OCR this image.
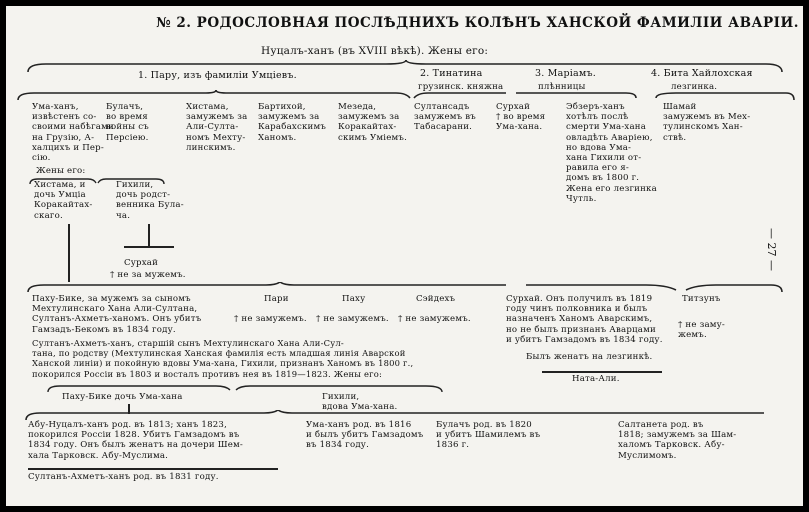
№ 2. РОДОСЛОВНАЯ ПОСЛѢДНИХЪ КОЛѢНЪ ХАНСКОЙ ФАМИЛІИ АВАРІИ.
Нуцалъ-ханъ (въ XVIII вѣкѣ). Жены его:
— 27 —
1. Пару, изъ фамиліи Умціевъ.	2. Тинатина
грузинск. княжна
3. Маріамъ.
плѣнницы
4. Бита Хайлохская
лезгинка.
Ума-ханъ,
извѣстенъ со-
своими набѣгами
на Грузію, А-
халцихъ и Пер-
сію.
Жены его:
Булачъ,
во время
войны съ
Персіею.
Хистама,
замужемъ за
Али-Султа-
номъ Мехту-
линскимъ.
Бартихой,
замужемъ за
Карабахскимъ
Ханомъ.
Мезеда,
замужемъ за
Коракайтах-
скимъ Уміемъ.
Султансадъ
замужемъ въ
Табасарани.
Сурхай
† во время
Ума-хана.
Эбзеръ-ханъ
хотѣлъ послѣ
смерти Ума-хана
овладѣть Аваріею,
но вдова Ума-
хана Гихили от-
равила его я-
домъ въ 1800 г.
Жена его лезгинка
Чутль.
Шамай
замужемъ въ Мех-
тулинскомъ Хан-
ствѣ.
Хистама, и
дочь Умціа
Коракайтах-
скаго.
Гихили,
дочь родст-
венника Була-
ча.
Сурхай
† не за мужемъ.
Паху-Бике, за мужемъ за сыномъ
Мехтулинскаго Хана Али-Султана,
Султанъ-Ахметъ-ханомъ. Онъ убитъ
Гамзадъ-Бекомъ въ 1834 году.
Пари
† не замужемъ.
Паху
† не замужемъ.
Сэйдехъ
† не замужемъ.
Сурхай. Онъ получилъ въ 1819
году чинъ полковника и былъ
назначенъ Ханомъ Аварскимъ,
но не былъ признанъ Аварцами
и убитъ Гамзадомъ въ 1834 году.
Былъ женатъ на лезгинкѣ.
Титзунъ
† не заму-
жемъ.
Ната-Али.
Султанъ-Ахметъ-ханъ, старшій сынъ Мехтулинскаго Хана Али-Сул-
тана, по родству (Мехтулинская Ханская фамилія есть младшая линія Аварской
Ханской линіи) и покойную вдовы Ума-хана, Гихили, признанъ Ханомъ въ 1800 г.,
покорился Россіи въ 1803 и восталъ противъ нея въ 1819—1823. Жены его:
Паху-Бике дочь Ума-хана	Гихили,
вдова Ума-хана.
Абу-Нуцалъ-ханъ род. въ 1813; ханъ 1823,
покорился Россіи 1828. Убитъ Гамзадомъ въ
1834 году. Онъ былъ женатъ на дочери Шем-
хала Тарковск. Абу-Муслима.
Ума-ханъ род. въ 1816
и былъ убитъ Гамзадомъ
въ 1834 году.
Булачъ род. въ 1820
и убитъ Шамилемъ въ
1836 г.
Салтанета род. въ
1818; замужемъ за Шам-
халомъ Тарковск. Абу-
Муслимомъ.
Султанъ-Ахметъ-ханъ род. въ 1831 году.
